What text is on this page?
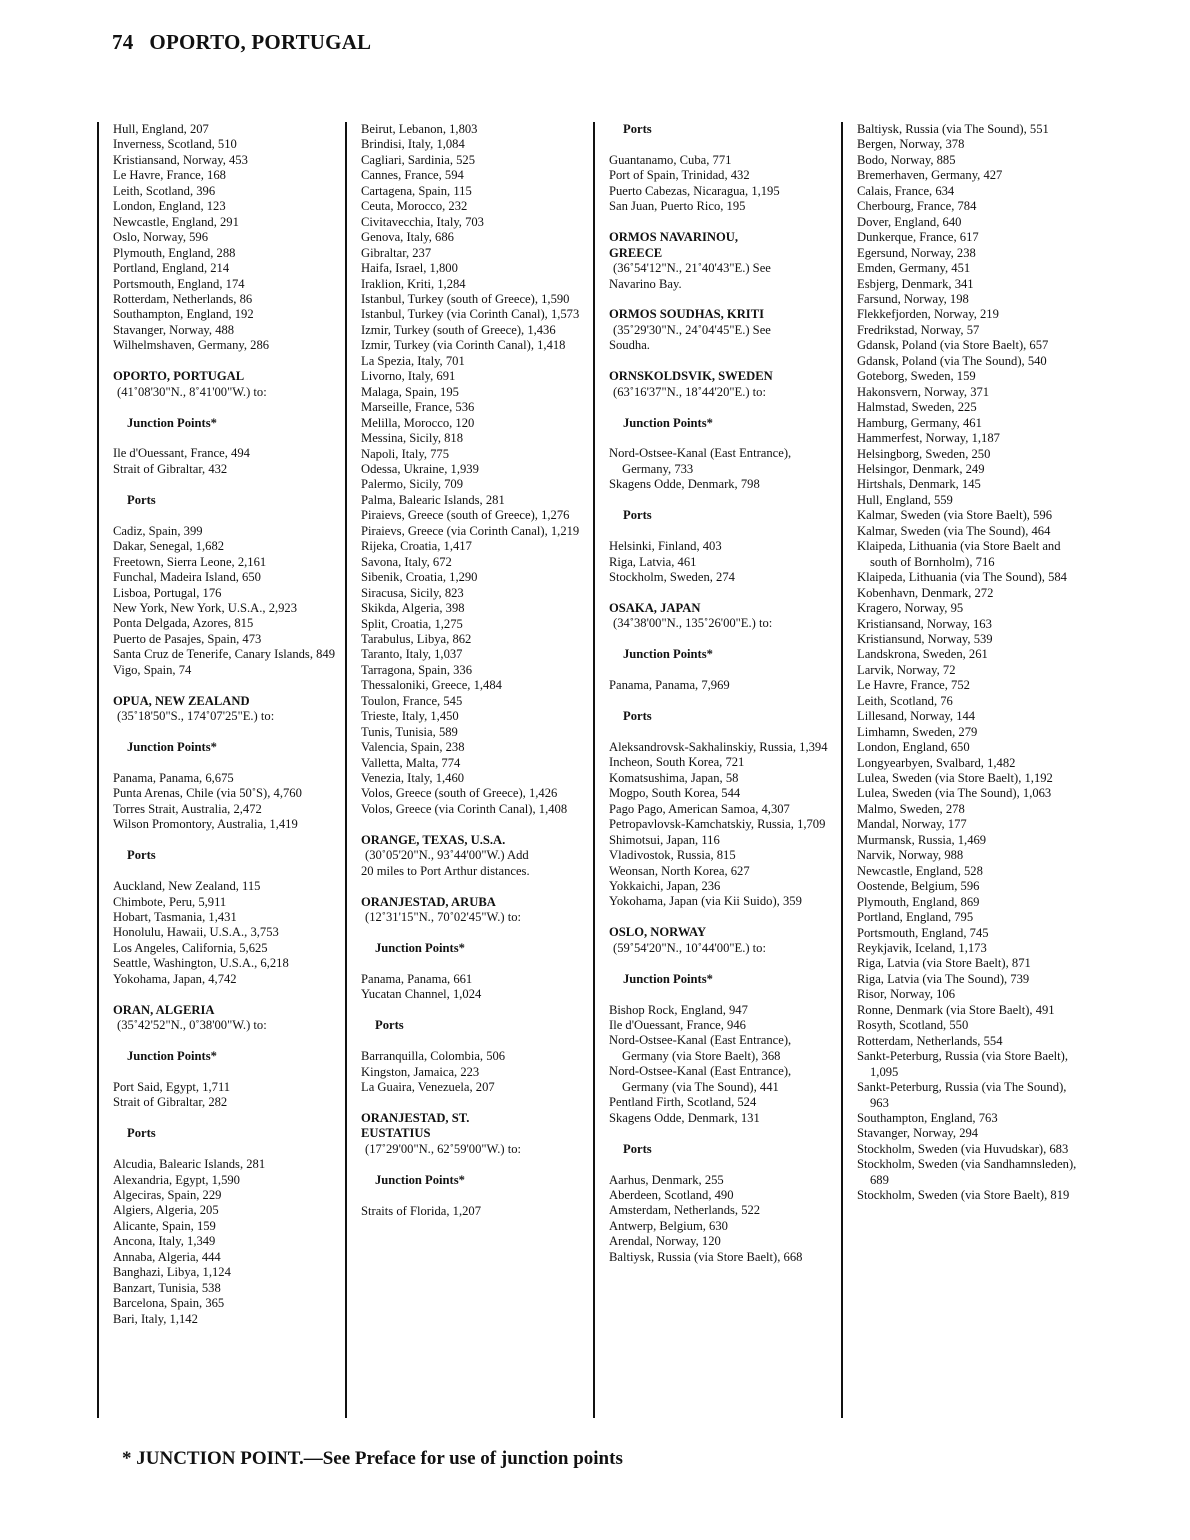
74 OPORTO, PORTUGAL
Hull, England, 207
Inverness, Scotland, 510
Kristiansand, Norway, 453
Le Havre, France, 168
Leith, Scotland, 396
London, England, 123
Newcastle, England, 291
Oslo, Norway, 596
Plymouth, England, 288
Portland, England, 214
Portsmouth, England, 174
Rotterdam, Netherlands, 86
Southampton, England, 192
Stavanger, Norway, 488
Wilhelmshaven, Germany, 286
OPORTO, PORTUGAL
(41˚08'30"N., 8˚41'00"W.) to:
Junction Points*
Ile d'Ouessant, France, 494
Strait of Gibraltar, 432
Ports
Cadiz, Spain, 399
Dakar, Senegal, 1,682
Freetown, Sierra Leone, 2,161
Funchal, Madeira Island, 650
Lisboa, Portugal, 176
New York, New York, U.S.A., 2,923
Ponta Delgada, Azores, 815
Puerto de Pasajes, Spain, 473
Santa Cruz de Tenerife, Canary Islands, 849
Vigo, Spain, 74
OPUA, NEW ZEALAND
(35˚18'50"S., 174˚07'25"E.) to:
Junction Points*
Panama, Panama, 6,675
Punta Arenas, Chile (via 50˚S), 4,760
Torres Strait, Australia, 2,472
Wilson Promontory, Australia, 1,419
Ports
Auckland, New Zealand, 115
Chimbote, Peru, 5,911
Hobart, Tasmania, 1,431
Honolulu, Hawaii, U.S.A., 3,753
Los Angeles, California, 5,625
Seattle, Washington, U.S.A., 6,218
Yokohama, Japan, 4,742
ORAN, ALGERIA
(35˚42'52"N., 0˚38'00"W.) to:
Junction Points*
Port Said, Egypt, 1,711
Strait of Gibraltar, 282
Ports
Alcudia, Balearic Islands, 281
Alexandria, Egypt, 1,590
Algeciras, Spain, 229
Algiers, Algeria, 205
Alicante, Spain, 159
Ancona, Italy, 1,349
Annaba, Algeria, 444
Banghazi, Libya, 1,124
Banzart, Tunisia, 538
Barcelona, Spain, 365
Bari, Italy, 1,142
Beirut, Lebanon, 1,803
Brindisi, Italy, 1,084
Cagliari, Sardinia, 525
Cannes, France, 594
Cartagena, Spain, 115
Ceuta, Morocco, 232
Civitavecchia, Italy, 703
Genova, Italy, 686
Gibraltar, 237
Haifa, Israel, 1,800
Iraklion, Kriti, 1,284
Istanbul, Turkey (south of Greece), 1,590
Istanbul, Turkey (via Corinth Canal), 1,573
Izmir, Turkey (south of Greece), 1,436
Izmir, Turkey (via Corinth Canal), 1,418
La Spezia, Italy, 701
Livorno, Italy, 691
Malaga, Spain, 195
Marseille, France, 536
Melilla, Morocco, 120
Messina, Sicily, 818
Napoli, Italy, 775
Odessa, Ukraine, 1,939
Palermo, Sicily, 709
Palma, Balearic Islands, 281
Piraievs, Greece (south of Greece), 1,276
Piraievs, Greece (via Corinth Canal), 1,219
Rijeka, Croatia, 1,417
Savona, Italy, 672
Sibenik, Croatia, 1,290
Siracusa, Sicily, 823
Skikda, Algeria, 398
Split, Croatia, 1,275
Tarabulus, Libya, 862
Taranto, Italy, 1,037
Tarragona, Spain, 336
Thessaloniki, Greece, 1,484
Toulon, France, 545
Trieste, Italy, 1,450
Tunis, Tunisia, 589
Valencia, Spain, 238
Valletta, Malta, 774
Venezia, Italy, 1,460
Volos, Greece (south of Greece), 1,426
Volos, Greece (via Corinth Canal), 1,408
ORANGE, TEXAS, U.S.A.
(30˚05'20"N., 93˚44'00"W.) Add
20 miles to Port Arthur distances.
ORANJESTAD, ARUBA
(12˚31'15"N., 70˚02'45"W.) to:
Junction Points*
Panama, Panama, 661
Yucatan Channel, 1,024
Ports
Barranquilla, Colombia, 506
Kingston, Jamaica, 223
La Guaira, Venezuela, 207
ORANJESTAD, ST.
EUSTATIUS
(17˚29'00"N., 62˚59'00"W.) to:
Junction Points*
Straits of Florida, 1,207
Ports
Guantanamo, Cuba, 771
Port of Spain, Trinidad, 432
Puerto Cabezas, Nicaragua, 1,195
San Juan, Puerto Rico, 195
ORMOS NAVARINOU,
GREECE
(36˚54'12"N., 21˚40'43"E.) See
Navarino Bay.
ORMOS SOUDHAS, KRITI
(35˚29'30"N., 24˚04'45"E.) See
Soudha.
ORNSKOLDSVIK, SWEDEN
(63˚16'37"N., 18˚44'20"E.) to:
Junction Points*
Nord-Ostsee-Kanal (East Entrance), Germany, 733
Skagens Odde, Denmark, 798
Ports
Helsinki, Finland, 403
Riga, Latvia, 461
Stockholm, Sweden, 274
OSAKA, JAPAN
(34˚38'00"N., 135˚26'00"E.) to:
Junction Points*
Panama, Panama, 7,969
Ports
Aleksandrovsk-Sakhalinskiy, Russia, 1,394
Incheon, South Korea, 721
Komatsushima, Japan, 58
Mogpo, South Korea, 544
Pago Pago, American Samoa, 4,307
Petropavlovsk-Kamchatskiy, Russia, 1,709
Shimotsui, Japan, 116
Vladivostok, Russia, 815
Weonsan, North Korea, 627
Yokkaichi, Japan, 236
Yokohama, Japan (via Kii Suido), 359
OSLO, NORWAY
(59˚54'20"N., 10˚44'00"E.) to:
Junction Points*
Bishop Rock, England, 947
Ile d'Ouessant, France, 946
Nord-Ostsee-Kanal (East Entrance), Germany (via Store Baelt), 368
Nord-Ostsee-Kanal (East Entrance), Germany (via The Sound), 441
Pentland Firth, Scotland, 524
Skagens Odde, Denmark, 131
Ports
Aarhus, Denmark, 255
Aberdeen, Scotland, 490
Amsterdam, Netherlands, 522
Antwerp, Belgium, 630
Arendal, Norway, 120
Baltiysk, Russia (via Store Baelt), 668
Baltiysk, Russia (via The Sound), 551
Bergen, Norway, 378
Bodo, Norway, 885
Bremerhaven, Germany, 427
Calais, France, 634
Cherbourg, France, 784
Dover, England, 640
Dunkerque, France, 617
Egersund, Norway, 238
Emden, Germany, 451
Esbjerg, Denmark, 341
Farsund, Norway, 198
Flekkefjorden, Norway, 219
Fredrikstad, Norway, 57
Gdansk, Poland (via Store Baelt), 657
Gdansk, Poland (via The Sound), 540
Goteborg, Sweden, 159
Hakonsvern, Norway, 371
Halmstad, Sweden, 225
Hamburg, Germany, 461
Hammerfest, Norway, 1,187
Helsingborg, Sweden, 250
Helsingor, Denmark, 249
Hirtshals, Denmark, 145
Hull, England, 559
Kalmar, Sweden (via Store Baelt), 596
Kalmar, Sweden (via The Sound), 464
Klaipeda, Lithuania (via Store Baelt and south of Bornholm), 716
Klaipeda, Lithuania (via The Sound), 584
Kobenhavn, Denmark, 272
Kragero, Norway, 95
Kristiansand, Norway, 163
Kristiansund, Norway, 539
Landskrona, Sweden, 261
Larvik, Norway, 72
Le Havre, France, 752
Leith, Scotland, 76
Lillesand, Norway, 144
Limhamn, Sweden, 279
London, England, 650
Longyearbyen, Svalbard, 1,482
Lulea, Sweden (via Store Baelt), 1,192
Lulea, Sweden (via The Sound), 1,063
Malmo, Sweden, 278
Mandal, Norway, 177
Murmansk, Russia, 1,469
Narvik, Norway, 988
Newcastle, England, 528
Oostende, Belgium, 596
Plymouth, England, 869
Portland, England, 795
Portsmouth, England, 745
Reykjavik, Iceland, 1,173
Riga, Latvia (via Store Baelt), 871
Riga, Latvia (via The Sound), 739
Risor, Norway, 106
Ronne, Denmark (via Store Baelt), 491
Rosyth, Scotland, 550
Rotterdam, Netherlands, 554
Sankt-Peterburg, Russia (via Store Baelt), 1,095
Sankt-Peterburg, Russia (via The Sound), 963
Southampton, England, 763
Stavanger, Norway, 294
Stockholm, Sweden (via Huvudskar), 683
Stockholm, Sweden (via Sandhamnsleden), 689
Stockholm, Sweden (via Store Baelt), 819
* JUNCTION POINT.—See Preface for use of junction points
